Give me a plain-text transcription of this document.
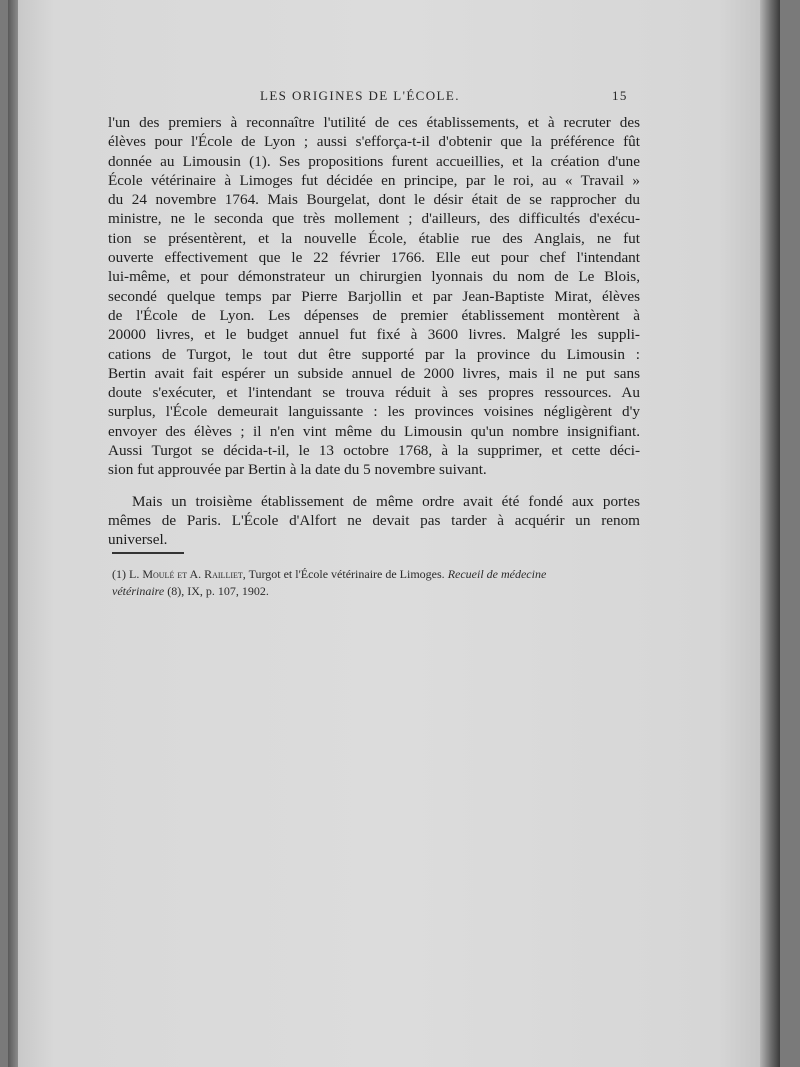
LES ORIGINES DE L'ÉCOLE.	15
l'un des premiers à reconnaître l'utilité de ces établissements, et à recruter des
élèves pour l'École de Lyon ; aussi s'efforça-t-il d'obtenir que la préférence fût
donnée au Limousin (1). Ses propositions furent accueillies, et la création d'une
École vétérinaire à Limoges fut décidée en principe, par le roi, au « Travail »
du 24 novembre 1764. Mais Bourgelat, dont le désir était de se rapprocher du
ministre, ne le seconda que très mollement ; d'ailleurs, des difficultés d'exécu-
tion se présentèrent, et la nouvelle École, établie rue des Anglais, ne fut
ouverte effectivement que le 22 février 1766. Elle eut pour chef l'intendant
lui-même, et pour démonstrateur un chirurgien lyonnais du nom de Le Blois,
secondé quelque temps par Pierre Barjollin et par Jean-Baptiste Mirat, élèves
de l'École de Lyon. Les dépenses de premier établissement montèrent à
20000 livres, et le budget annuel fut fixé à 3600 livres. Malgré les suppli-
cations de Turgot, le tout dut être supporté par la province du Limousin :
Bertin avait fait espérer un subside annuel de 2000 livres, mais il ne put sans
doute s'exécuter, et l'intendant se trouva réduit à ses propres ressources. Au
surplus, l'École demeurait languissante : les provinces voisines négligèrent d'y
envoyer des élèves ; il n'en vint même du Limousin qu'un nombre insignifiant.
Aussi Turgot se décida-t-il, le 13 octobre 1768, à la supprimer, et cette déci-
sion fut approuvée par Bertin à la date du 5 novembre suivant.
Mais un troisième établissement de même ordre avait été fondé aux portes
mêmes de Paris. L'École d'Alfort ne devait pas tarder à acquérir un renom
universel.
(1) L. Moulé et A. Railliet, Turgot et l'École vétérinaire de Limoges. Recueil de médecine
vétérinaire (8), IX, p. 107, 1902.
